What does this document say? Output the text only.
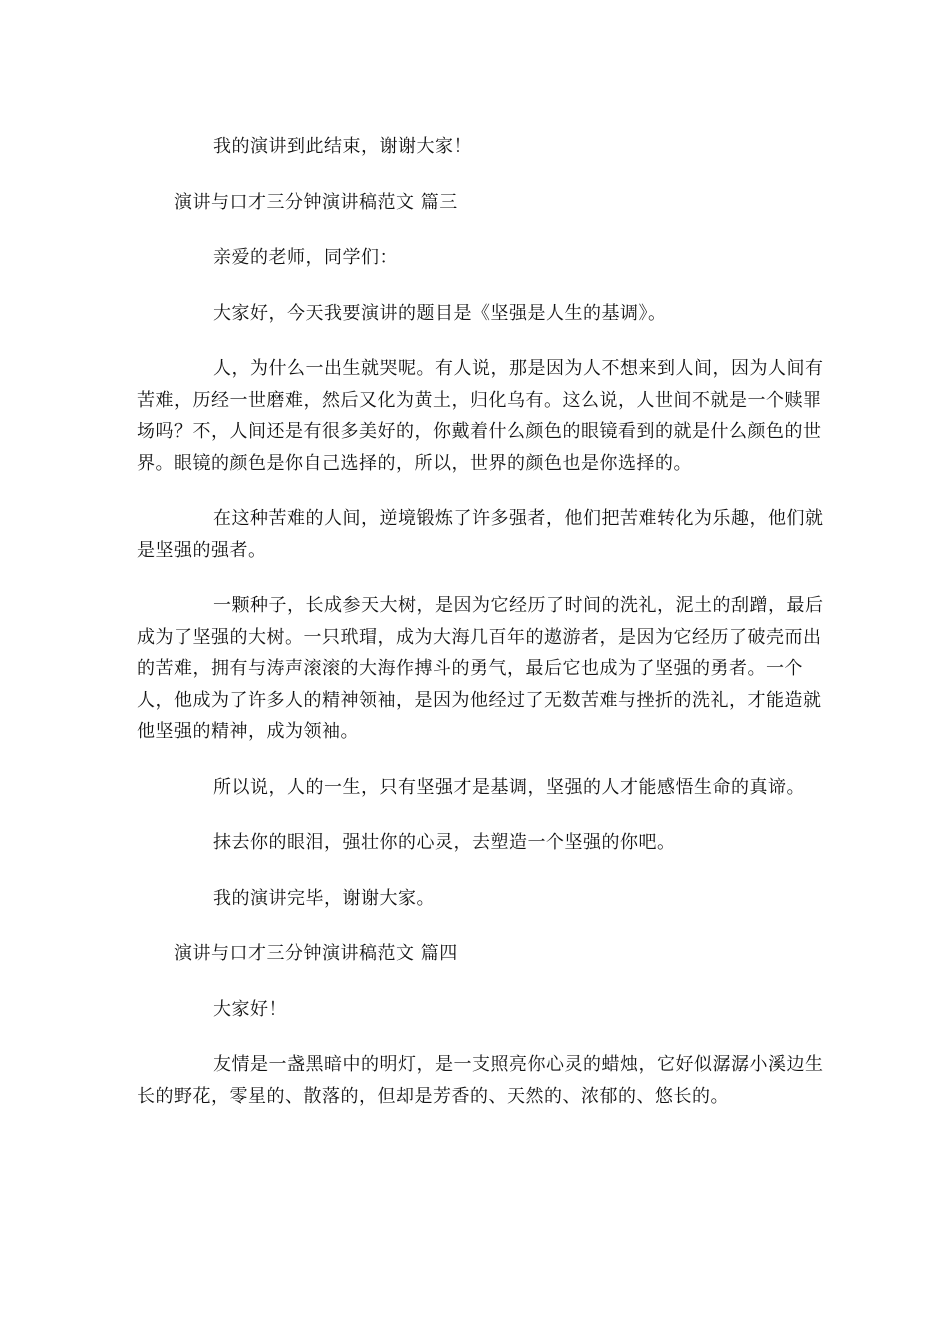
我的演讲到此结束，谢谢大家！

演讲与口才三分钟演讲稿范文 篇三

亲爱的老师，同学们：

大家好，今天我要演讲的题目是《坚强是人生的基调》。

人，为什么一出生就哭呢。有人说，那是因为人不想来到人间，因为人间有苦难，历经一世磨难，然后又化为黄土，归化乌有。这么说，人世间不就是一个赎罪场吗？不，人间还是有很多美好的，你戴着什么颜色的眼镜看到的就是什么颜色的世界。眼镜的颜色是你自己选择的，所以，世界的颜色也是你选择的。

在这种苦难的人间，逆境锻炼了许多强者，他们把苦难转化为乐趣，他们就是坚强的强者。

一颗种子，长成参天大树，是因为它经历了时间的洗礼，泥土的刮蹭，最后成为了坚强的大树。一只玳瑁，成为大海几百年的遨游者，是因为它经历了破壳而出的苦难，拥有与涛声滚滚的大海作搏斗的勇气，最后它也成为了坚强的勇者。一个人，他成为了许多人的精神领袖，是因为他经过了无数苦难与挫折的洗礼，才能造就他坚强的精神，成为领袖。

所以说，人的一生，只有坚强才是基调，坚强的人才能感悟生命的真谛。

抹去你的眼泪，强壮你的心灵，去塑造一个坚强的你吧。

我的演讲完毕，谢谢大家。

演讲与口才三分钟演讲稿范文 篇四

大家好！

友情是一盏黑暗中的明灯，是一支照亮你心灵的蜡烛，它好似潺潺小溪边生长的野花，零星的、散落的，但却是芳香的、天然的、浓郁的、悠长的。
